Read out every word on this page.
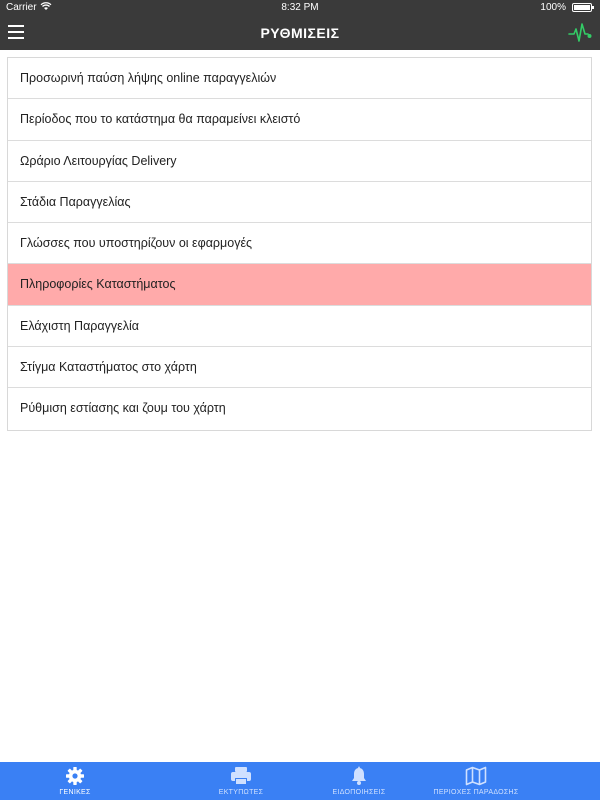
Carrier	8:32 PM	100%
ΡΥΘΜΙΣΕΙΣ
Προσωρινή παύση λήψης online παραγγελιών
Περίοδος που το κατάστημα θα παραμείνει κλειστό
Ωράριο Λειτουργίας Delivery
Στάδια Παραγγελίας
Γλώσσες που υποστηρίζουν οι εφαρμογές
Πληροφορίες Καταστήματος
Ελάχιστη Παραγγελία
Στίγμα Καταστήματος στο χάρτη
Ρύθμιση εστίασης και ζουμ του χάρτη
ΓΕΝΙΚΕΣ	ΕΚΤΥΠΩΤΕΣ	ΕΙΔΟΠΟΙΗΣΕΙΣ	ΠΕΡΙΟΧΕΣ ΠΑΡΑΔΟΣΗΣ
